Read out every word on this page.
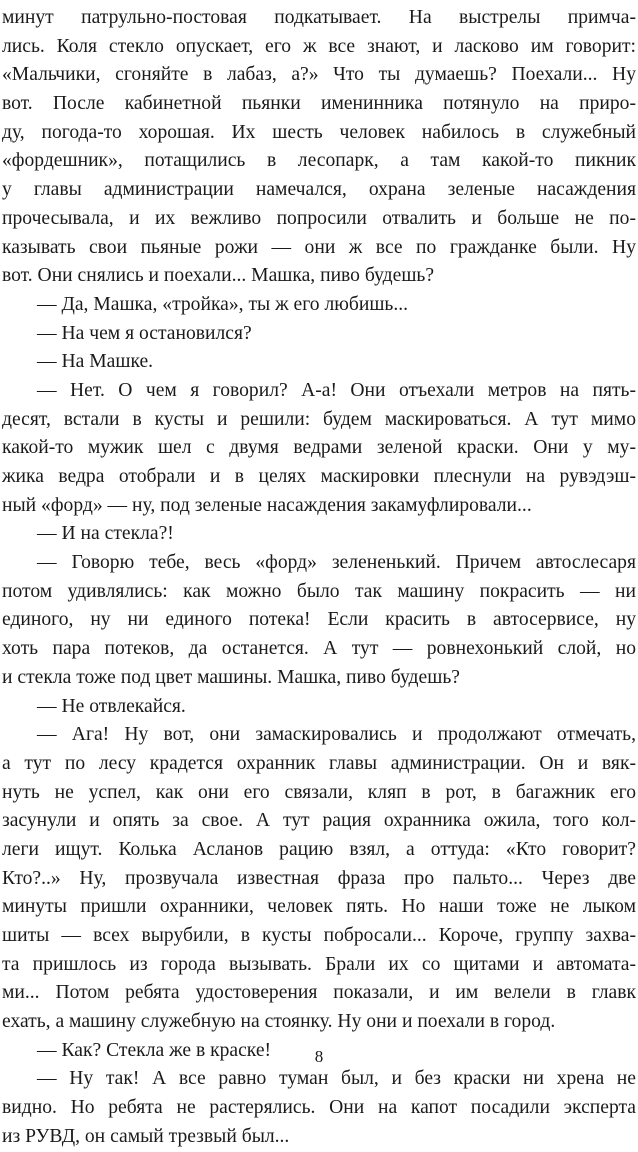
минут патрульно-постовая подкатывает. На выстрелы примча-
лись. Коля стекло опускает, его ж все знают, и ласково им говорит:
«Мальчики, сгоняйте в лабаз, а?» Что ты думаешь? Поехали... Ну
вот. После кабинетной пьянки именинника потянуло на приро-
ду, погода-то хорошая. Их шесть человек набилось в служебный
«фордешник», потащились в лесопарк, а там какой-то пикник
у главы администрации намечался, охрана зеленые насаждения
прочесывала, и их вежливо попросили отвалить и больше не по-
казывать свои пьяные рожи — они ж все по гражданке были. Ну
вот. Они снялись и поехали... Машка, пиво будешь?
— Да, Машка, «тройка», ты ж его любишь...
— На чем я остановился?
— На Машке.
— Нет. О чем я говорил? А-а! Они отъехали метров на пять-
десят, встали в кусты и решили: будем маскироваться. А тут мимо
какой-то мужик шел с двумя ведрами зеленой краски. Они у му-
жика ведра отобрали и в целях маскировки плеснули на рувэдэш-
ный «форд» — ну, под зеленые насаждения закамуфлировали...
— И на стекла?!
— Говорю тебе, весь «форд» зелененький. Причем автослесаря
потом удивлялись: как можно было так машину покрасить — ни
единого, ну ни единого потека! Если красить в автосервисе, ну
хоть пара потеков, да останется. А тут — ровнехонький слой, но
и стекла тоже под цвет машины. Машка, пиво будешь?
— Не отвлекайся.
— Ага! Ну вот, они замаскировались и продолжают отмечать,
а тут по лесу крадется охранник главы администрации. Он и вяк-
нуть не успел, как они его связали, кляп в рот, в багажник его
засунули и опять за свое. А тут рация охранника ожила, того кол-
леги ищут. Колька Асланов рацию взял, а оттуда: «Кто говорит?
Кто?..» Ну, прозвучала известная фраза про пальто... Через две
минуты пришли охранники, человек пять. Но наши тоже не лыком
шиты — всех вырубили, в кусты побросали... Короче, группу захва-
та пришлось из города вызывать. Брали их со щитами и автомата-
ми... Потом ребята удостоверения показали, и им велели в главк
ехать, а машину служебную на стоянку. Ну они и поехали в город.
— Как? Стекла же в краске!
— Ну так! А все равно туман был, и без краски ни хрена не
видно. Но ребята не растерялись. Они на капот посадили эксперта
из РУВД, он самый трезвый был...
8
